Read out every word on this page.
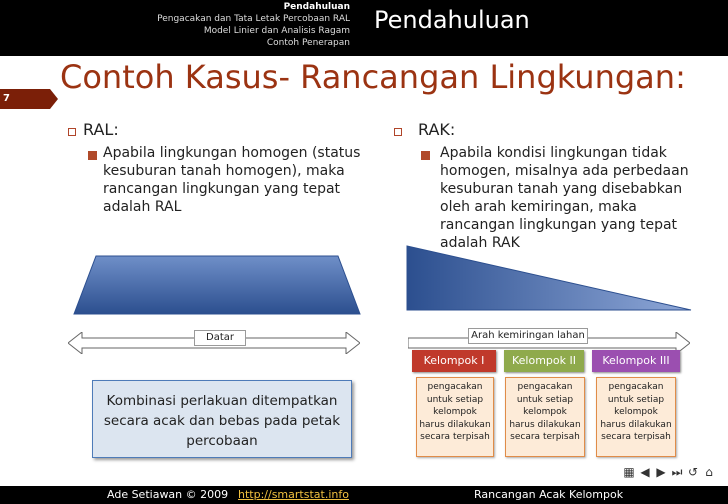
Pendahuluan
Pengacakan dan Tata Letak Percobaan RAL
Model Linier dan Analisis Ragam
Contoh Penerapan
Pendahuluan
7
Contoh Kasus- Rancangan Lingkungan:
RAL:
Apabila lingkungan homogen (status
kesuburan tanah homogen), maka
rancangan lingkungan yang tepat
adalah RAL
Datar
Kombinasi perlakuan ditempatkan
secara acak dan bebas pada petak
percobaan
RAK:
Apabila kondisi lingkungan tidak
homogen, misalnya ada perbedaan
kesuburan tanah yang disebabkan
oleh arah kemiringan, maka
rancangan lingkungan yang tepat
adalah RAK
Arah kemiringan lahan
Kelompok I	Kelompok II	Kelompok III
pengacakan
untuk setiap
kelompok
harus dilakukan
secara terpisah
pengacakan
untuk setiap
kelompok
harus dilakukan
secara terpisah
pengacakan
untuk setiap
kelompok
harus dilakukan
secara terpisah
▦ ◀ ▶ ⏭ ↺ ⌂
Ade Setiawan © 2009 http://smartstat.info	Rancangan Acak Kelompok
